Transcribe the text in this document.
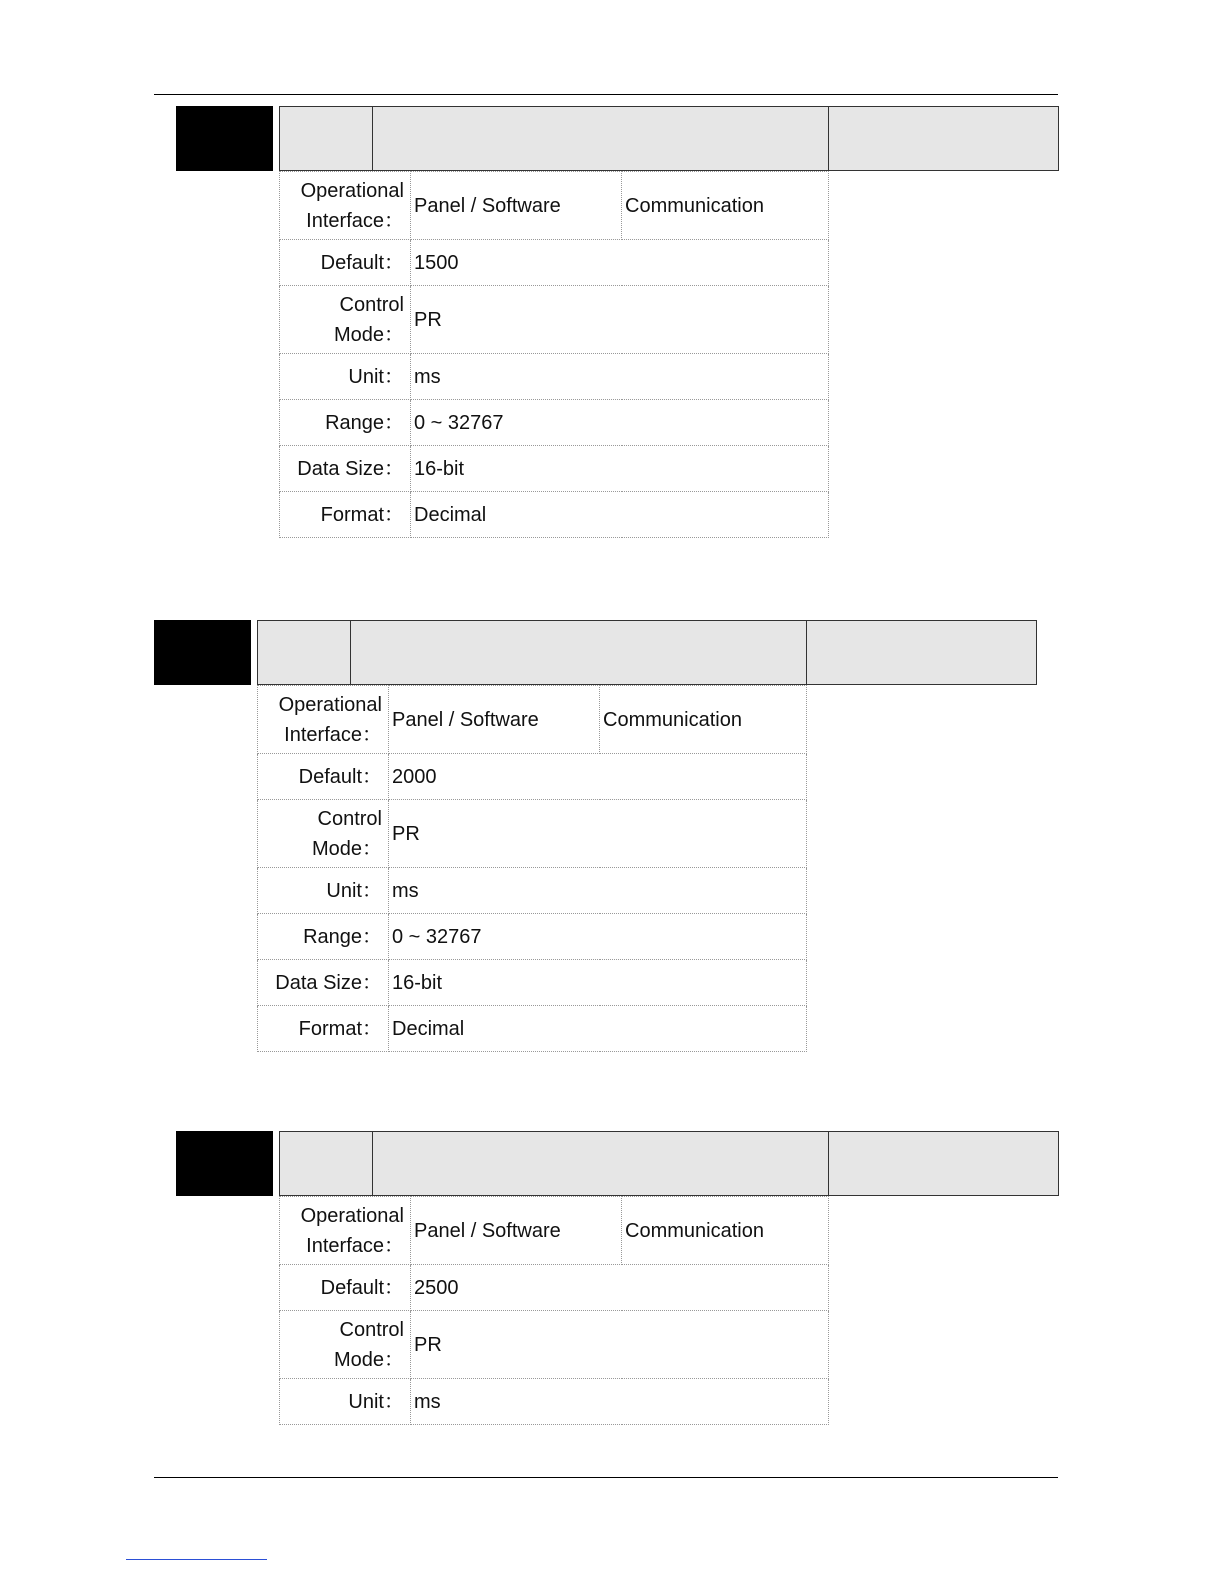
Operational Interface：	Panel / Software	Communication
Default：	1500	
Control Mode：	PR	
Unit：	ms	
Range：	0 ~ 32767	
Data Size：	16-bit	
Format：	Decimal	
Operational Interface：	Panel / Software	Communication
Default：	2000	
Control Mode：	PR	
Unit：	ms	
Range：	0 ~ 32767	
Data Size：	16-bit	
Format：	Decimal	
Operational Interface：	Panel / Software	Communication
Default：	2500	
Control Mode：	PR	
Unit：	ms	
